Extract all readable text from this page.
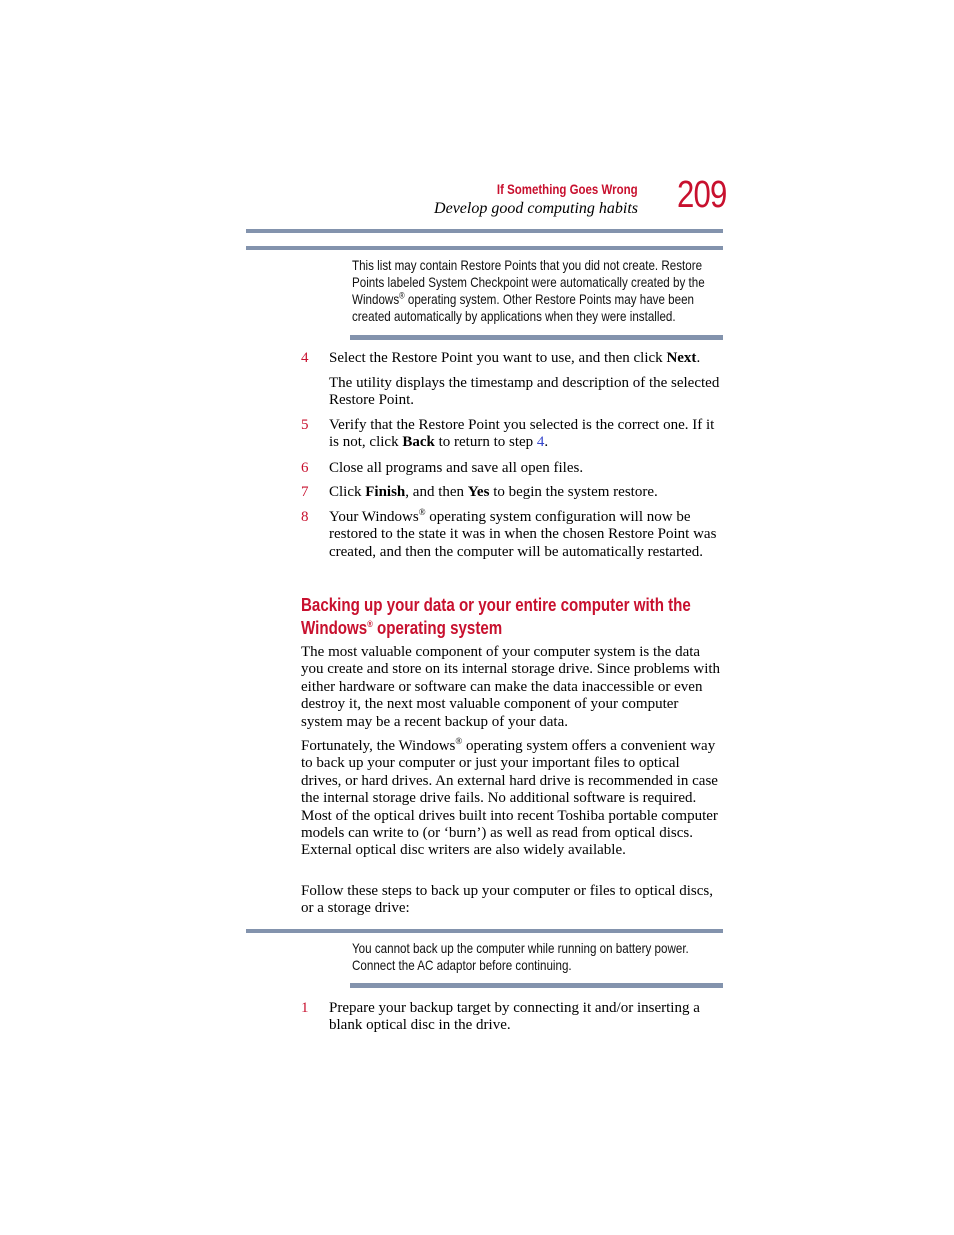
If Something Goes Wrong
Develop good computing habits 209
This list may contain Restore Points that you did not create. Restore
Points labeled System Checkpoint were automatically created by the
Windows® operating system. Other Restore Points may have been
created automatically by applications when they were installed.
4 Select the Restore Point you want to use, and then click Next.
The utility displays the timestamp and description of the selected Restore Point.
5 Verify that the Restore Point you selected is the correct one. If it is not, click Back to return to step 4.
6 Close all programs and save all open files.
7 Click Finish, and then Yes to begin the system restore.
8 Your Windows® operating system configuration will now be restored to the state it was in when the chosen Restore Point was created, and then the computer will be automatically restarted.
Backing up your data or your entire computer with the
Windows® operating system
The most valuable component of your computer system is the data you create and store on its internal storage drive. Since problems with either hardware or software can make the data inaccessible or even destroy it, the next most valuable component of your computer system may be a recent backup of your data.
Fortunately, the Windows® operating system offers a convenient way to back up your computer or just your important files to optical drives, or hard drives. An external hard drive is recommended in case the internal storage drive fails. No additional software is required. Most of the optical drives built into recent Toshiba portable computer models can write to (or ‘burn’) as well as read from optical discs. External optical disc writers are also widely available.
Follow these steps to back up your computer or files to optical discs, or a storage drive:
You cannot back up the computer while running on battery power.
Connect the AC adaptor before continuing.
1 Prepare your backup target by connecting it and/or inserting a blank optical disc in the drive.
